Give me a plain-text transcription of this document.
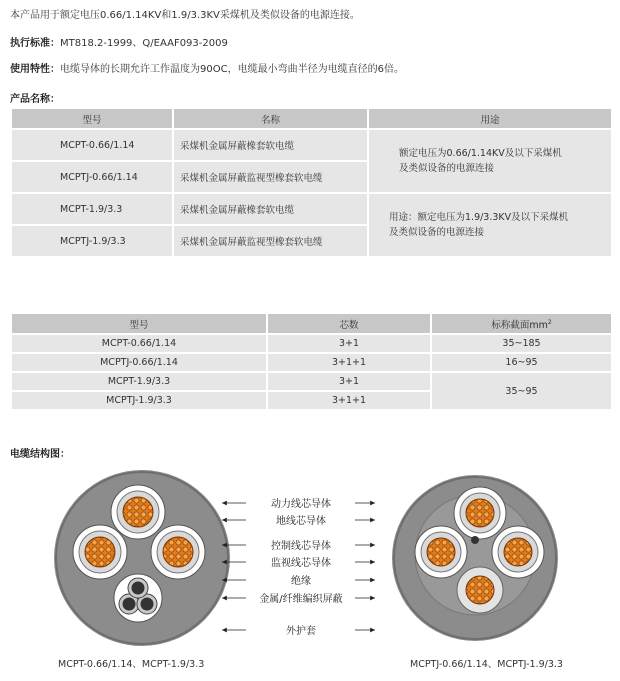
本产品用于额定电压0.66/1.14KV和1.9/3.3KV采煤机及类似设备的电源连接。
执行标准：MT818.2-1999、Q/EAAF093-2009
使用特性：电缆导体的长期允许工作温度为90OC，电缆最小弯曲半径为电缆直径的6倍。
产品名称：
型号	名称	用途
MCPT-0.66/1.14	采煤机金属屏蔽橡套软电缆	额定电压为0.66/1.14KV及以下采煤机
及类似设备的电源连接

MCPTJ-0.66/1.14	采煤机金属屏蔽监视型橡套软电缆	
MCPT-1.9/3.3	采煤机金属屏蔽橡套软电缆	用途：额定电压为1.9/3.3KV及以下采煤机
及类似设备的电源连接

MCPTJ-1.9/3.3	采煤机金属屏蔽监视型橡套软电缆	
型号	芯数	标称截面$mm^2$
MCPT-0.66/1.14	3+1	35~185
MCPTJ-0.66/1.14	3+1+1	16~95
MCPT-1.9/3.3	3+1	35~95
MCPTJ-1.9/3.3	3+1+1	
电缆结构图：
动力线芯导体
地线芯导体
控制线芯导体
监视线芯导体
绝缘
金属/纤维编织屏蔽
外护套
MCPT-0.66/1.14、MCPT-1.9/3.3	MCPTJ-0.66/1.14、MCPTJ-1.9/3.3
